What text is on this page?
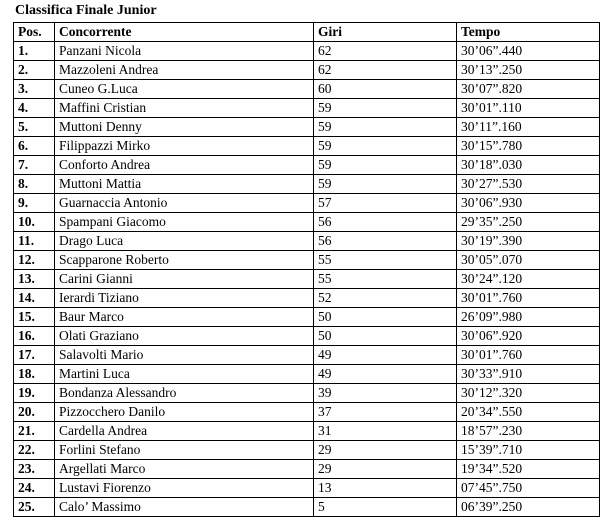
Classifica Finale Junior
Pos.	Concorrente	Giri	Tempo
1.	Panzani Nicola	62	30’06”.440
2.	Mazzoleni Andrea	62	30’13”.250
3.	Cuneo G.Luca	60	30’07”.820
4.	Maffini Cristian	59	30’01”.110
5.	Muttoni Denny	59	30’11”.160
6.	Filippazzi Mirko	59	30’15”.780
7.	Conforto Andrea	59	30’18”.030
8.	Muttoni Mattia	59	30’27”.530
9.	Guarnaccia Antonio	57	30’06”.930
10.	Spampani Giacomo	56	29’35”.250
11.	Drago Luca	56	30’19”.390
12.	Scapparone Roberto	55	30’05”.070
13.	Carini Gianni	55	30’24”.120
14.	Ierardi Tiziano	52	30’01”.760
15.	Baur Marco	50	26’09”.980
16.	Olati Graziano	50	30’06”.920
17.	Salavolti Mario	49	30’01”.760
18.	Martini Luca	49	30’33”.910
19.	Bondanza Alessandro	39	30’12”.320
20.	Pizzocchero Danilo	37	20’34”.550
21.	Cardella Andrea	31	18’57”.230
22.	Forlini Stefano	29	15’39”.710
23.	Argellati Marco	29	19’34”.520
24.	Lustavi Fiorenzo	13	07’45”.750
25.	Calo’ Massimo	5	06’39”.250
